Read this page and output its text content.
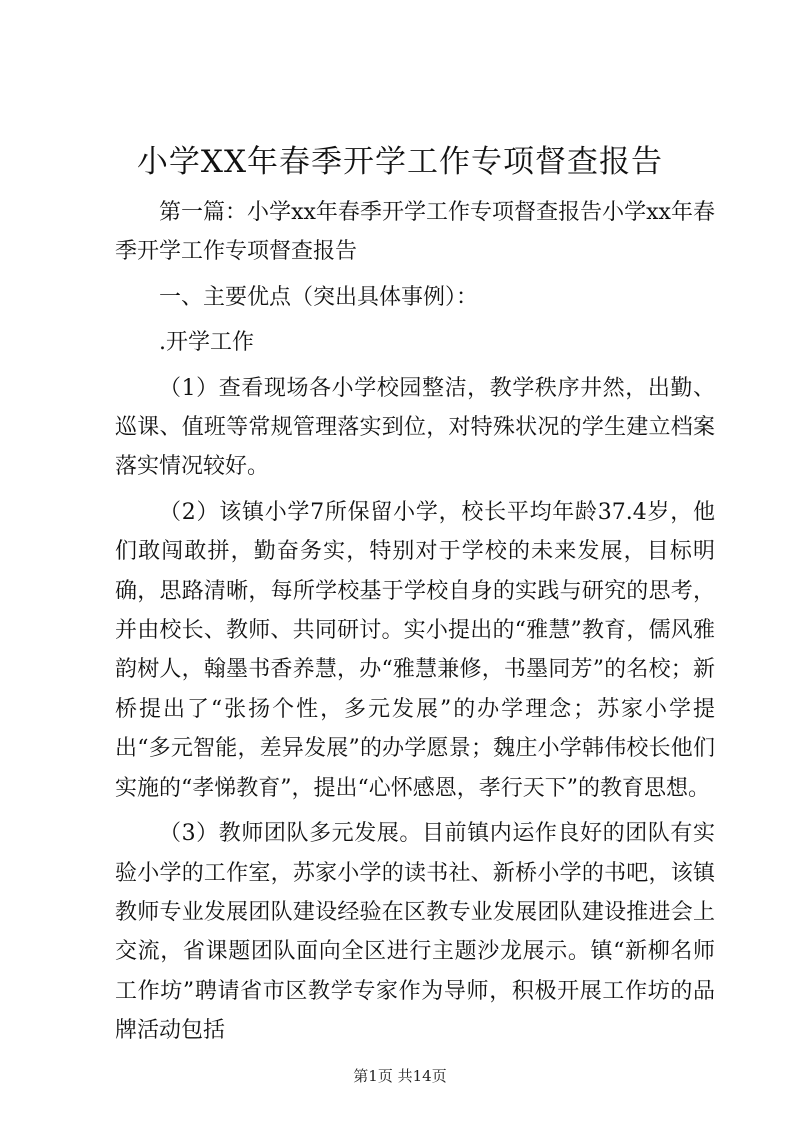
小学XX年春季开学工作专项督查报告

第一篇：小学xx年春季开学工作专项督查报告小学xx年春季开学工作专项督查报告

一、主要优点（突出具体事例）：

.开学工作

（1）查看现场各小学校园整洁，教学秩序井然，出勤、巡课、值班等常规管理落实到位，对特殊状况的学生建立档案落实情况较好。

（2）该镇小学7所保留小学，校长平均年龄37.4岁，他们敢闯敢拼，勤奋务实，特别对于学校的未来发展，目标明确，思路清晰，每所学校基于学校自身的实践与研究的思考，并由校长、教师、共同研讨。实小提出的“雅慧”教育，儒风雅韵树人，翰墨书香养慧，办“雅慧兼修，书墨同芳”的名校；新桥提出了“张扬个性，多元发展”的办学理念；苏家小学提出“多元智能，差异发展”的办学愿景；魏庄小学韩伟校长他们实施的“孝悌教育”，提出“心怀感恩，孝行天下”的教育思想。

（3）教师团队多元发展。目前镇内运作良好的团队有实验小学的工作室，苏家小学的读书社、新桥小学的书吧，该镇教师专业发展团队建设经验在区教专业发展团队建设推进会上交流，省课题团队面向全区进行主题沙龙展示。镇“新柳名师工作坊”聘请省市区教学专家作为导师，积极开展工作坊的品牌活动包括

第1页 共14页
